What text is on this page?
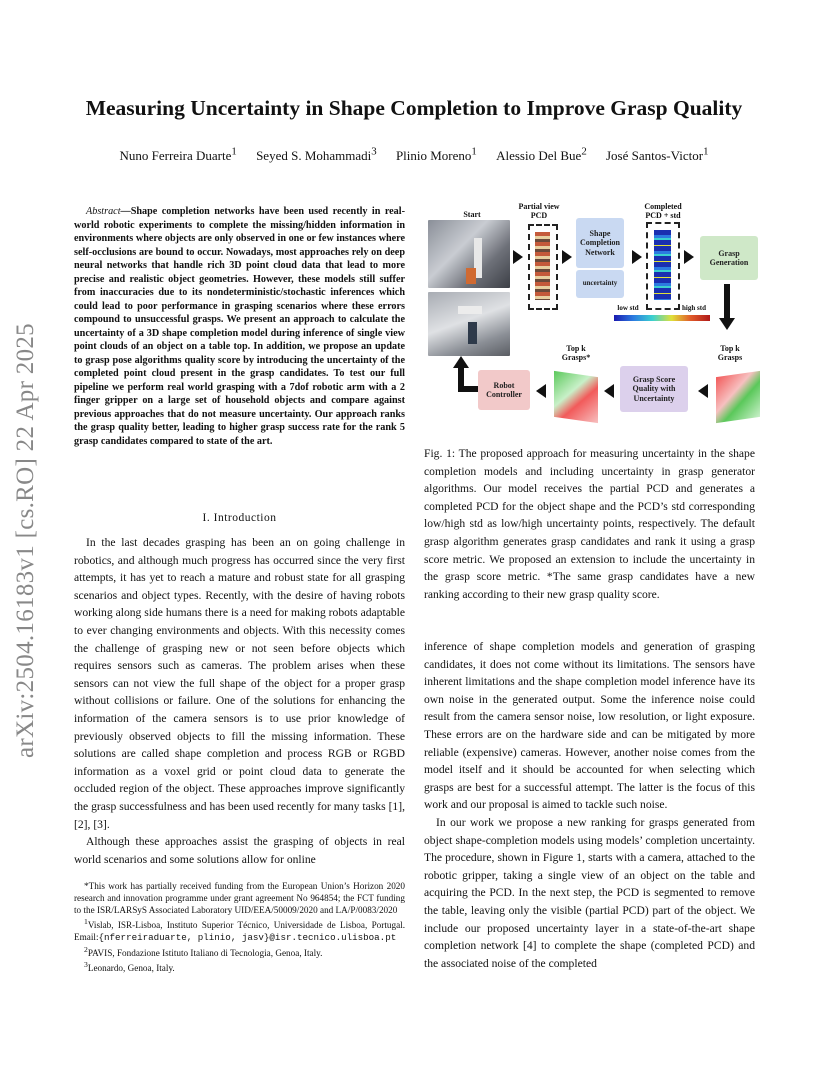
arXiv:2504.16183v1 [cs.RO] 22 Apr 2025
Measuring Uncertainty in Shape Completion to Improve Grasp Quality
Nuno Ferreira Duarte$^1$ Seyed S. Mohammadi$^3$ Plinio Moreno$^1$ Alessio Del Bue$^2$ José Santos-Victor$^1$
Abstract—Shape completion networks have been used recently in real-world robotic experiments to complete the missing/hidden information in environments where objects are only observed in one or few instances where self-occlusions are bound to occur. Nowadays, most approaches rely on deep neural networks that handle rich 3D point cloud data that lead to more precise and realistic object geometries. However, these models still suffer from inaccuracies due to its nondeterministic/stochastic inferences which could lead to poor performance in grasping scenarios where these errors compound to unsuccessful grasps. We present an approach to calculate the uncertainty of a 3D shape completion model during inference of single view point clouds of an object on a table top. In addition, we propose an update to grasp pose algorithms quality score by introducing the uncertainty of the completed point cloud present in the grasp candidates. To test our full pipeline we perform real world grasping with a 7dof robotic arm with a 2 finger gripper on a large set of household objects and compare against previous approaches that do not measure uncertainty. Our approach ranks the grasp quality better, leading to higher grasp success rate for the rank 5 grasp candidates compared to state of the art.
I. Introduction

In the last decades grasping has been an on going challenge in robotics, and although much progress has occurred since the very first attempts, it has yet to reach a mature and robust state for all grasping scenarios and object types. Recently, with the desire of having robots working along side humans there is a need for making robots adaptable to ever changing environments and objects. With this necessity comes the challenge of grasping new or not seen before objects which requires sensors such as cameras. The problem arises when these sensors can not view the full shape of the object for a proper grasp without collisions or failure. One of the solutions for enhancing the information of the camera sensors is to use prior knowledge of previously observed objects to fill the missing information. These solutions are called shape completion and process RGB or RGBD information as a voxel grid or point cloud data to generate the occluded region of the object. These approaches improve significantly the grasp successfulness and has been used recently for many tasks [1], [2], [3].

Although these approaches assist the grasping of objects in real world scenarios and some solutions allow for online

*This work has partially received funding from the European Union’s Horizon 2020 research and innovation programme under grant agreement No 964854; the FCT funding to the ISR/LARSyS Associated Laboratory UID/EEA/50009/2020 and LA/P/0083/2020

$^1$Vislab, ISR-Lisboa, Instituto Superior Técnico, Universidade de Lisboa, Portugal. Email:{nferreiraduarte, plinio, jasv}@isr.tecnico.ulisboa.pt

$^2$PAVIS, Fondazione Istituto Italiano di Tecnologia, Genoa, Italy.

$^3$Leonardo, Genoa, Italy.

Start
Partial view PCD
Shape Completion Network
uncertainty
Completed PCD + std
Grasp Generation
low std	high std
Top k Grasps
Grasp Score Quality with Uncertainty
Top k Grasps*
Robot Controller
Fig. 1: The proposed approach for measuring uncertainty in the shape completion models and including uncertainty in grasp generator algorithms. Our model receives the partial PCD and generates a completed PCD for the object shape and the PCD’s std corresponding low/high std as low/high uncertainty points, respectively. The default grasp algorithm generates grasp candidates and rank it using a grasp score metric. We proposed an extension to include the uncertainty in the grasp score metric. *The same grasp candidates have a new ranking according to their new grasp quality score.

inference of shape completion models and generation of grasping candidates, it does not come without its limitations. The sensors have inherent limitations and the shape completion model inference have its own noise in the generated output. Some the inference noise could result from the camera sensor noise, low resolution, or light exposure. These errors are on the hardware side and can be mitigated by more reliable (expensive) cameras. However, another noise comes from the model itself and it should be accounted for when selecting which grasps are best for a successful attempt. The latter is the focus of this work and our proposal is aimed to tackle such noise.

In our work we propose a new ranking for grasps generated from object shape-completion models using models’ completion uncertainty. The procedure, shown in Figure 1, starts with a camera, attached to the robotic gripper, taking a single view of an object on the table and acquiring the PCD. In the next step, the PCD is segmented to remove the table, leaving only the visible (partial PCD) part of the object. We include our proposed uncertainty layer in a state-of-the-art shape completion network [4] to complete the shape (completed PCD) and the associated noise of the completed
